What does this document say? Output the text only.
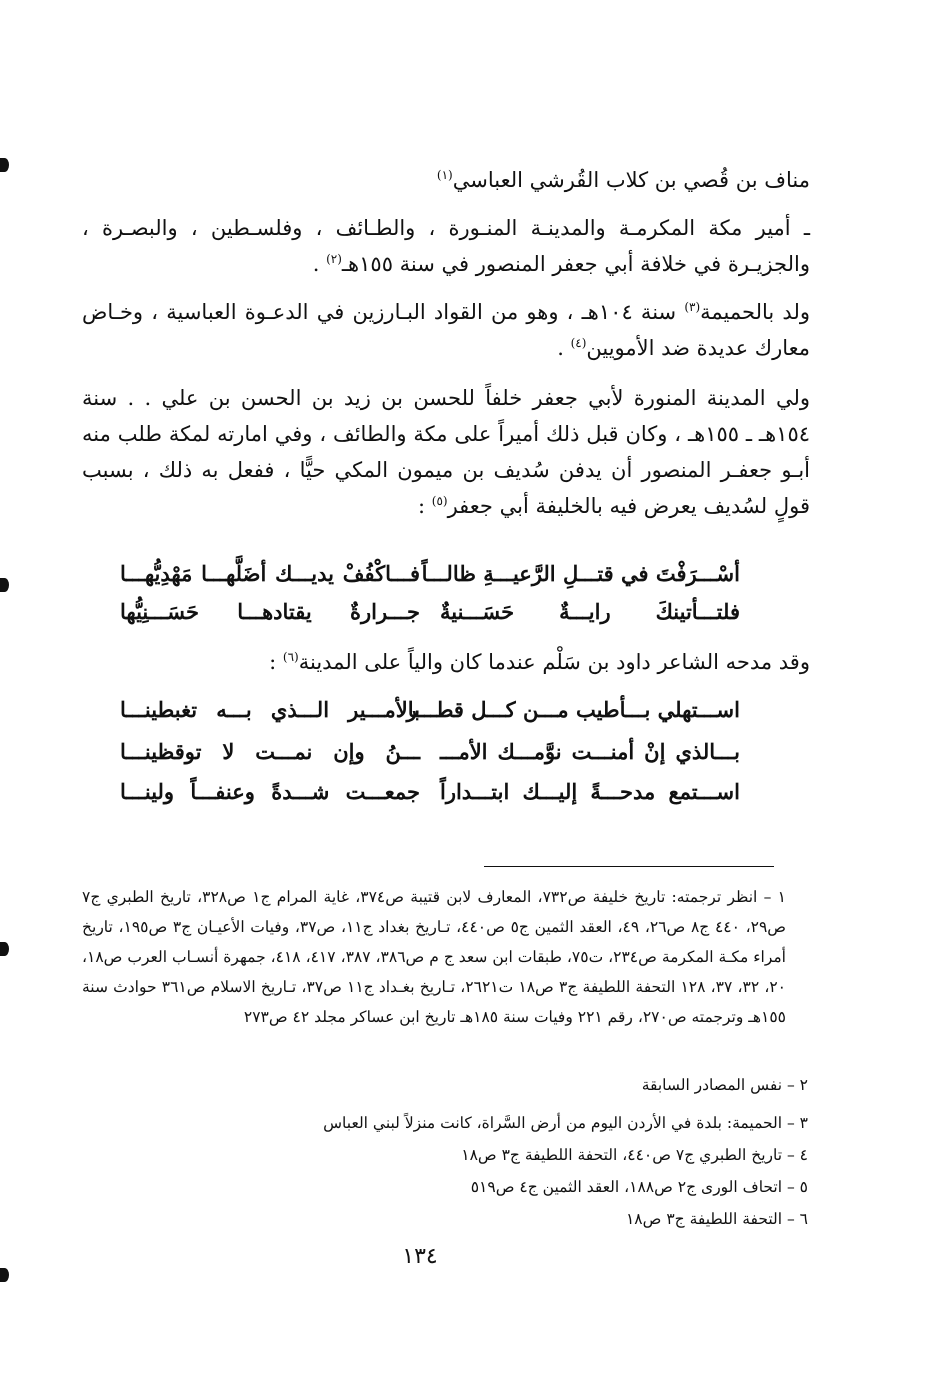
مناف بن قُصي بن كلاب القُرشي العباسي$^{(١)}$
ـ أمير مكة المكرمـة والمدينـة المنـورة ، والطـائف ، وفلسـطين ، والبصـرة ، والجزيـرة في خلافة أبي جعفر المنصور في سنة ١٥٥هـ$^{(٢)}$ .
ولد بالحميمة$^{(٣)}$ سنة ١٠٤هـ ، وهو من القواد البـارزين في الدعـوة العباسية ، وخـاض معارك عديدة ضد الأمويين$^{(٤)}$ .
ولي المدينة المنورة لأبي جعفر خلفاً للحسن بن زيد بن الحسن بن علي . . سنة ١٥٤هـ ـ ١٥٥هـ ، وكان قبل ذلك أميراً على مكة والطائف ، وفي امارته لمكة طلب منه أبـو جعفـر المنصور أن يدفن سُديف بن ميمون المكي حيًّا ، ففعل به ذلك ، بسبب قولٍ لسُديف يعرض فيه بالخليفة أبي جعفر$^{(٥)}$ :
أسْـــرَفْتَ في قتـــلِ الرَّعيـــةِ ظالـــاً
فـــاكْفُفْ يديـــك أضَلَّهـــا مَهْدِيُّهـــا
فلتـــأتينكَ رايـــةٌ حَسَـــنيةٌ
جـــرارةٌ يقتادهـــا حَسَـــنِيُّها
وقد مدحه الشاعر داود بن سَلْم عندما كان والياً على المدينة$^{(٦)}$ :
اســـتهلي بـــأطيب مـــن كـــل قطـــر
بالأمـــير الـــذي بـــه تغبطينـــا
بـــالذي إنْ أمنـــت نوَّمـــك الأمـــ
ـــنُ وإن نمـــت لا توقظينـــا
اســـتمع مدحـــةً إليـــك ابتـــداراً
جمعـــت شـــدةً وعنفـــاً ولينـــا
١ – انظر ترجمته: تاريخ خليفة ص٧٣٢، المعارف لابن قتيبة ص٣٧٤، غاية المرام ج١ ص٣٢٨، تاريخ الطبري ج٧ ص٢٩، ٤٤٠ ج٨ ص٢٦، ٤٩، العقد الثمين ج٥ ص٤٤٠، تـاريخ بغداد ج١١، ص٣٧، وفيات الأعيـان ج٣ ص١٩٥، تاريخ أمراء مكـة المكرمة ص٢٣٤، ت٧٥، طبقات ابن سعد ج م ص٣٨٦، ٣٨٧، ٤١٧، ٤١٨، جمهرة أنسـاب العرب ص١٨، ٢٠، ٣٢، ٣٧، ١٢٨ التحفة اللطيفة ج٣ ص١٨ ت٢٦٢١، تـاريخ بغـداد ج١١ ص٣٧، تـاريخ الاسلام ص٣٦١ حوادث سنة ١٥٥هـ وترجمته ص٢٧٠، رقم ٢٢١ وفيات سنة ١٨٥هـ تاريخ ابن عساكر مجلد ٤٢ ص٢٧٣
٢ – نفس المصادر السابقة
٣ – الحميمة: بلدة في الأردن اليوم من أرض السَّراة، كانت منزلاً لبني العباس
٤ – تاريخ الطبري ج٧ ص٤٤٠، التحفة اللطيفة ج٣ ص١٨
٥ – اتحاف الورى ج٢ ص١٨٨، العقد الثمين ج٤ ص٥١٩
٦ – التحفة اللطيفة ج٣ ص١٨
١٣٤
